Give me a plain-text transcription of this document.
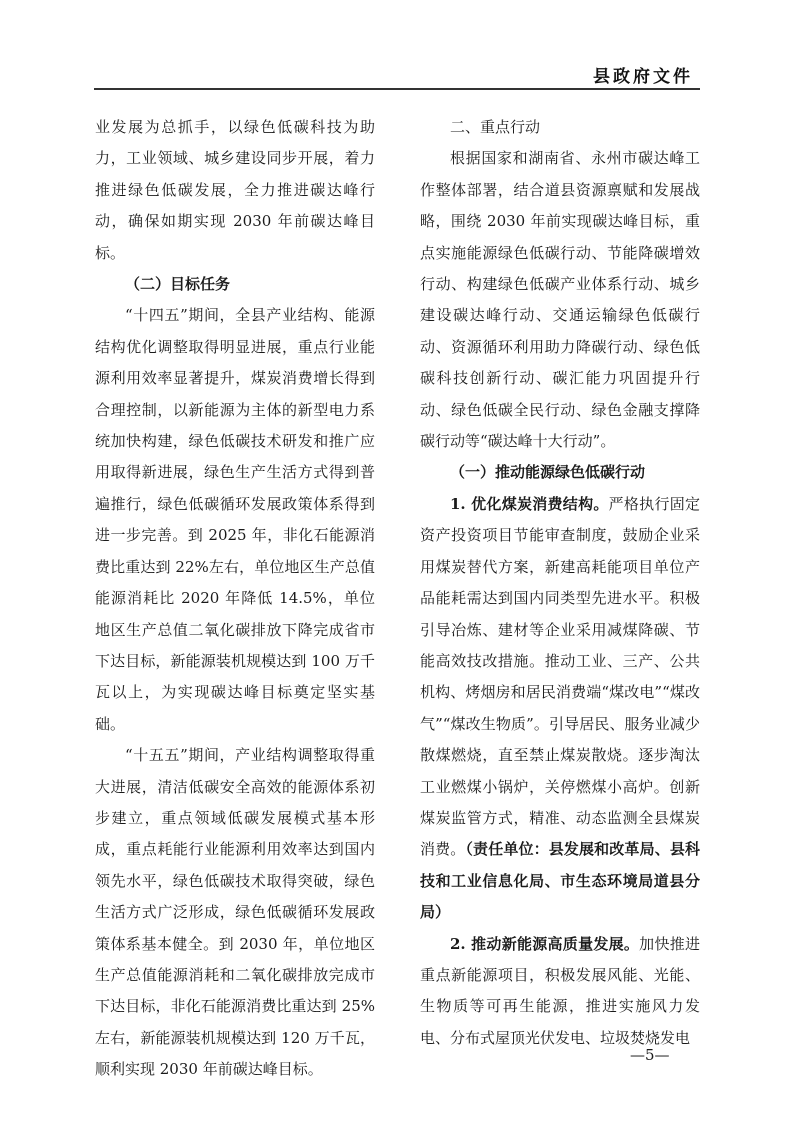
县政府文件

业发展为总抓手，以绿色低碳科技为助力，工业领域、城乡建设同步开展，着力推进绿色低碳发展，全力推进碳达峰行动，确保如期实现 2030 年前碳达峰目标。

（二）目标任务

“十四五”期间，全县产业结构、能源结构优化调整取得明显进展，重点行业能源利用效率显著提升，煤炭消费增长得到合理控制，以新能源为主体的新型电力系统加快构建，绿色低碳技术研发和推广应用取得新进展，绿色生产生活方式得到普遍推行，绿色低碳循环发展政策体系得到进一步完善。到 2025 年，非化石能源消费比重达到 22%左右，单位地区生产总值能源消耗比 2020 年降低 14.5%，单位地区生产总值二氧化碳排放下降完成省市下达目标，新能源装机规模达到 100 万千瓦以上，为实现碳达峰目标奠定坚实基础。

“十五五”期间，产业结构调整取得重大进展，清洁低碳安全高效的能源体系初步建立，重点领域低碳发展模式基本形成，重点耗能行业能源利用效率达到国内领先水平，绿色低碳技术取得突破，绿色生活方式广泛形成，绿色低碳循环发展政策体系基本健全。到 2030 年，单位地区生产总值能源消耗和二氧化碳排放完成市下达目标，非化石能源消费比重达到 25%左右，新能源装机规模达到 120 万千瓦，顺利实现 2030 年前碳达峰目标。

二、重点行动

根据国家和湖南省、永州市碳达峰工作整体部署，结合道县资源禀赋和发展战略，围绕 2030 年前实现碳达峰目标，重点实施能源绿色低碳行动、节能降碳增效行动、构建绿色低碳产业体系行动、城乡建设碳达峰行动、交通运输绿色低碳行动、资源循环利用助力降碳行动、绿色低碳科技创新行动、碳汇能力巩固提升行动、绿色低碳全民行动、绿色金融支撑降碳行动等“碳达峰十大行动”。

（一）推动能源绿色低碳行动

1. 优化煤炭消费结构。严格执行固定资产投资项目节能审查制度，鼓励企业采用煤炭替代方案，新建高耗能项目单位产品能耗需达到国内同类型先进水平。积极引导冶炼、建材等企业采用减煤降碳、节能高效技改措施。推动工业、三产、公共机构、烤烟房和居民消费端“煤改电”“煤改气”“煤改生物质”。引导居民、服务业减少散煤燃烧，直至禁止煤炭散烧。逐步淘汰工业燃煤小锅炉，关停燃煤小高炉。创新煤炭监管方式，精准、动态监测全县煤炭消费。（责任单位：县发展和改革局、县科技和工业信息化局、市生态环境局道县分局）

2. 推动新能源高质量发展。加快推进重点新能源项目，积极发展风能、光能、生物质等可再生能源，推进实施风力发电、分布式屋顶光伏发电、垃圾焚烧发电

—5—
